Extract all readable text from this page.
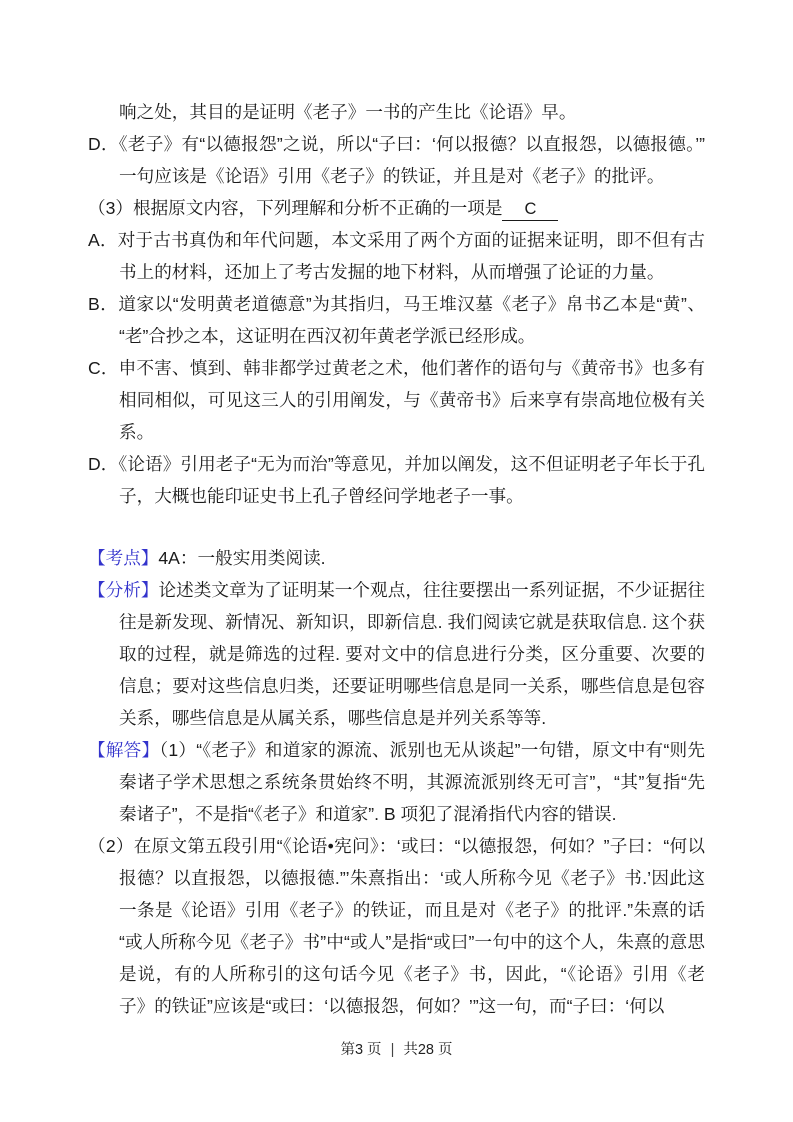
响之处，其目的是证明《老子》一书的产生比《论语》早。

D．《老子》有“以德报怨”之说，所以“子曰：‘何以报德？以直报怨，以德报德。’”一句应该是《论语》引用《老子》的铁证，并且是对《老子》的批评。

（3）根据原文内容，下列理解和分析不正确的一项是 C

A．对于古书真伪和年代问题，本文采用了两个方面的证据来证明，即不但有古书上的材料，还加上了考古发掘的地下材料，从而增强了论证的力量。

B．道家以“发明黄老道德意”为其指归，马王堆汉墓《老子》帛书乙本是“黄”、“老”合抄之本，这证明在西汉初年黄老学派已经形成。

C．申不害、慎到、韩非都学过黄老之术，他们著作的语句与《黄帝书》也多有相同相似，可见这三人的引用阐发，与《黄帝书》后来享有崇高地位极有关系。

D．《论语》引用老子“无为而治”等意见，并加以阐发，这不但证明老子年长于孔子，大概也能印证史书上孔子曾经问学地老子一事。

【考点】4A：一般实用类阅读.

【分析】论述类文章为了证明某一个观点，往往要摆出一系列证据，不少证据往往是新发现、新情况、新知识，即新信息. 我们阅读它就是获取信息. 这个获取的过程，就是筛选的过程. 要对文中的信息进行分类，区分重要、次要的信息；要对这些信息归类，还要证明哪些信息是同一关系，哪些信息是包容关系，哪些信息是从属关系，哪些信息是并列关系等等.

【解答】（1）“《老子》和道家的源流、派别也无从谈起”一句错，原文中有“则先秦诸子学术思想之系统条贯始终不明，其源流派别终无可言”，“其”复指“先秦诸子”，不是指“《老子》和道家”. B 项犯了混淆指代内容的错误.

（2）在原文第五段引用“《论语•宪问》：‘或曰：“以德报怨，何如？”子曰：“何以报德？以直报怨，以德报德.”’朱熹指出：‘或人所称今见《老子》书.’因此这一条是《论语》引用《老子》的铁证，而且是对《老子》的批评.”朱熹的话“或人所称今见《老子》书”中“或人”是指“或曰”一句中的这个人，朱熹的意思是说，有的人所称引的这句话今见《老子》书，因此，“《论语》引用《老子》的铁证”应该是“或曰：‘以德报怨，何如？’”这一句，而“子曰：‘何以

第3 页 | 共28 页
